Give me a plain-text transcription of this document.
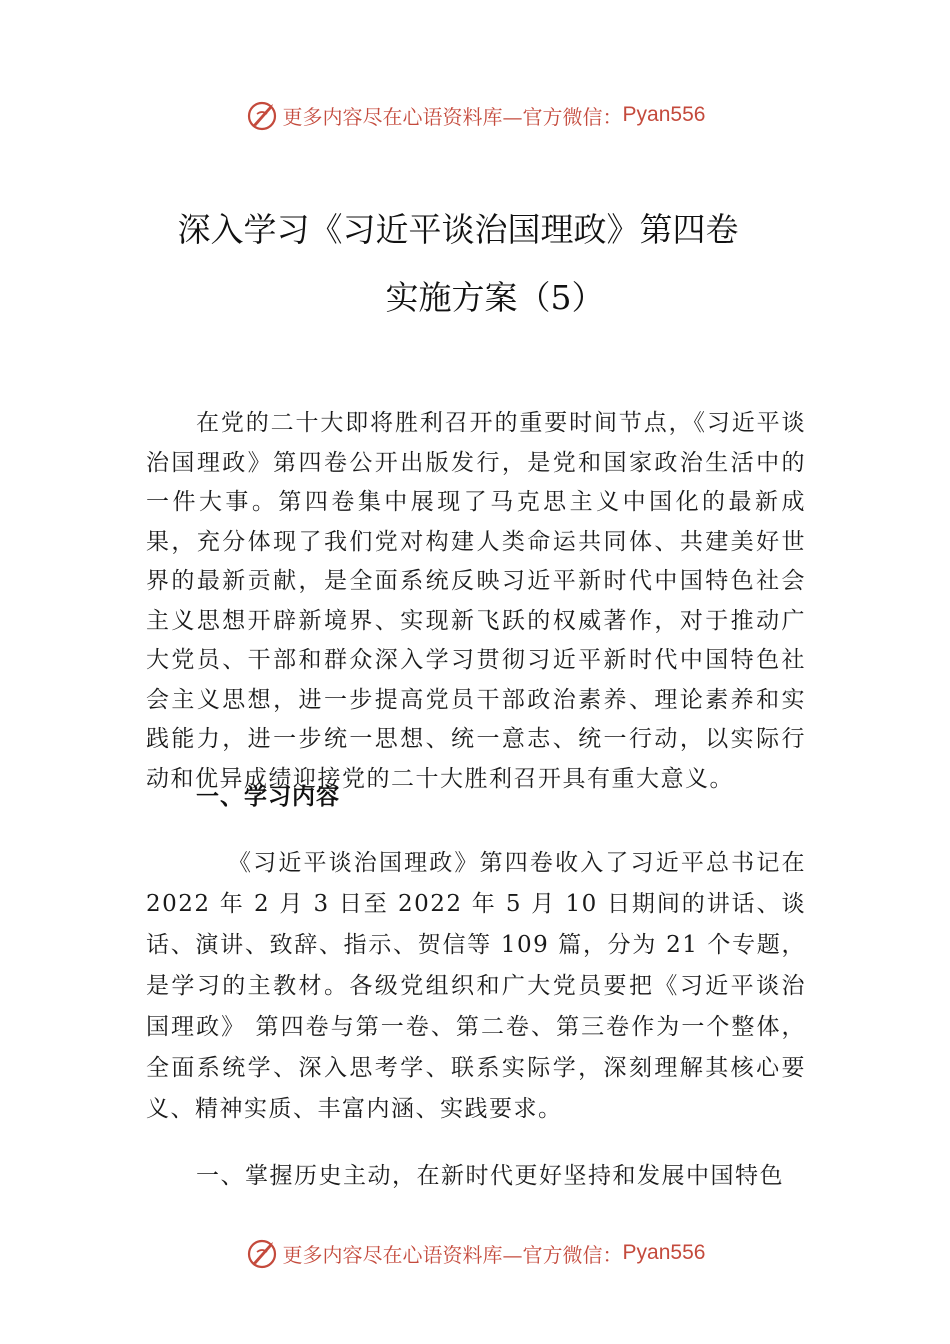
更多内容尽在心语资料库—官方微信： Pyan556
深入学习《习近平谈治国理政》第四卷
实施方案（5）

在党的二十大即将胜利召开的重要时间节点，《习近平谈治国理政》第四卷公开出版发行，是党和国家政治生活中的一件大事。第四卷集中展现了马克思主义中国化的最新成果，充分体现了我们党对构建人类命运共同体、共建美好世界的最新贡献，是全面系统反映习近平新时代中国特色社会主义思想开辟新境界、实现新飞跃的权威著作，对于推动广大党员、干部和群众深入学习贯彻习近平新时代中国特色社会主义思想，进一步提高党员干部政治素养、理论素养和实践能力，进一步统一思想、统一意志、统一行动，以实际行动和优异成绩迎接党的二十大胜利召开具有重大意义。

一、学习内容

《习近平谈治国理政》第四卷收入了习近平总书记在 2022 年 2 月 3 日至 2022 年 5 月 10 日期间的讲话、谈话、演讲、致辞、指示、贺信等 109 篇，分为 21 个专题，是学习的主教材。各级党组织和广大党员要把《习近平谈治国理政》 第四卷与第一卷、第二卷、第三卷作为一个整体，全面系统学、深入思考学、联系实际学，深刻理解其核心要义、精神实质、丰富内涵、实践要求。

一、掌握历史主动，在新时代更好坚持和发展中国特色

更多内容尽在心语资料库—官方微信： Pyan556
